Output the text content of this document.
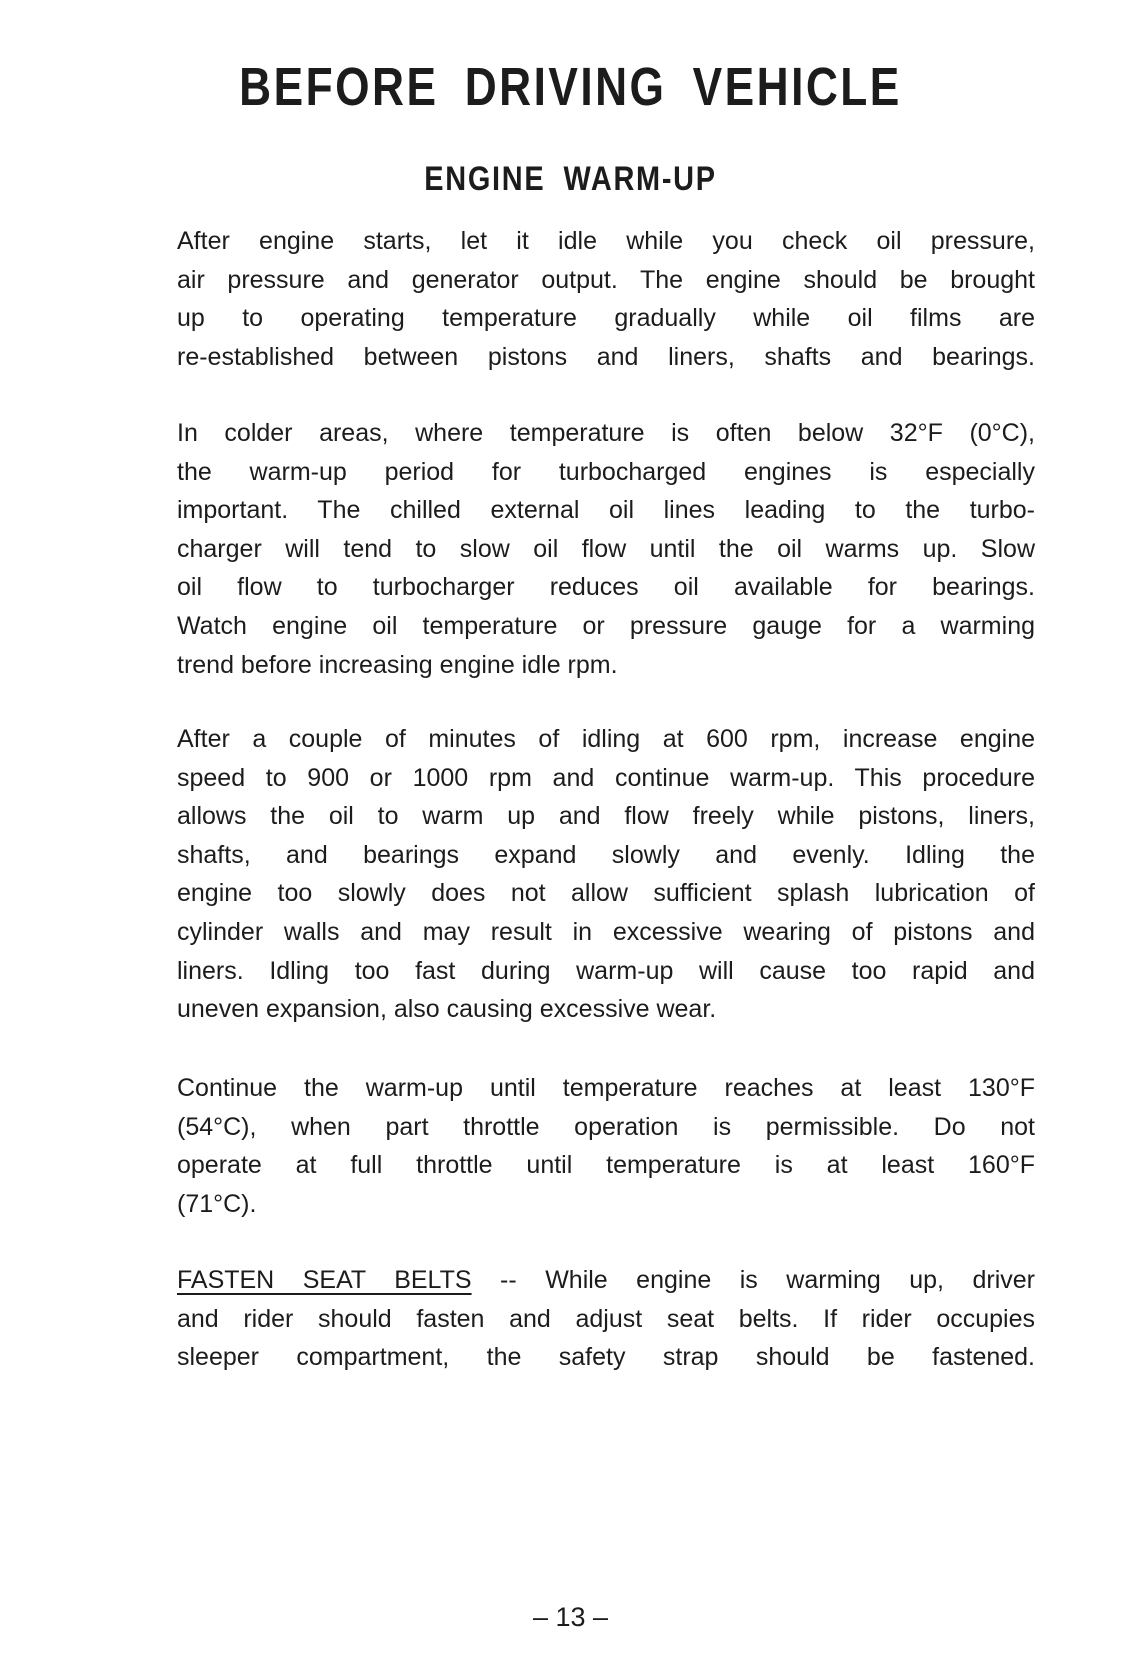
BEFORE DRIVING VEHICLE
ENGINE WARM-UP
After engine starts, let it idle while you check oil pressure,
air pressure and generator output. The engine should be brought
up to operating temperature gradually while oil films are
re-established between pistons and liners, shafts and bearings.
In colder areas, where temperature is often below 32°F (0°C),
the warm-up period for turbocharged engines is especially
important. The chilled external oil lines leading to the turbo-
charger will tend to slow oil flow until the oil warms up. Slow
oil flow to turbocharger reduces oil available for bearings.
Watch engine oil temperature or pressure gauge for a warming
trend before increasing engine idle rpm.
After a couple of minutes of idling at 600 rpm, increase engine
speed to 900 or 1000 rpm and continue warm-up. This procedure
allows the oil to warm up and flow freely while pistons, liners,
shafts, and bearings expand slowly and evenly. Idling the
engine too slowly does not allow sufficient splash lubrication of
cylinder walls and may result in excessive wearing of pistons and
liners. Idling too fast during warm-up will cause too rapid and
uneven expansion, also causing excessive wear.
Continue the warm-up until temperature reaches at least 130°F
(54°C), when part throttle operation is permissible. Do not
operate at full throttle until temperature is at least 160°F
(71°C).
FASTEN SEAT BELTS -- While engine is warming up, driver
and rider should fasten and adjust seat belts. If rider occupies
sleeper compartment, the safety strap should be fastened.
– 13 –
